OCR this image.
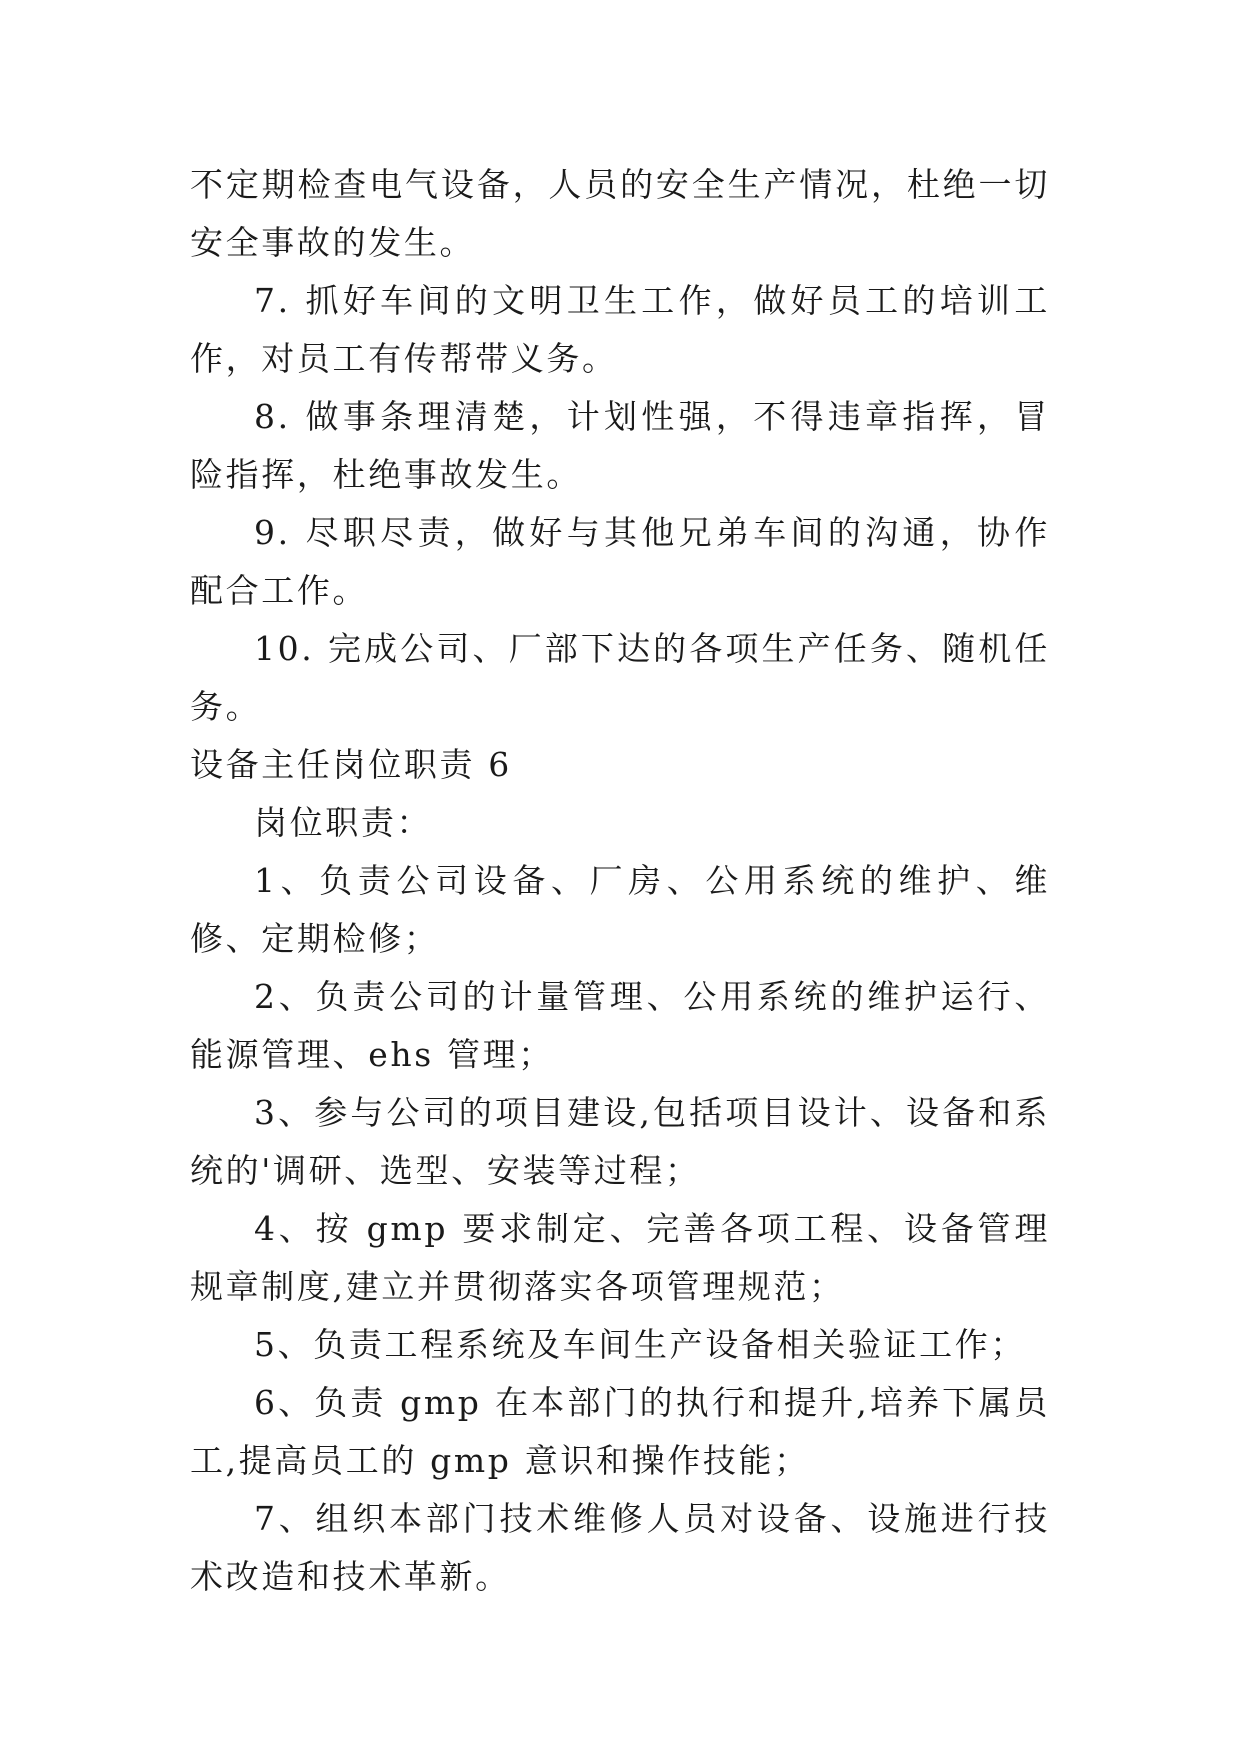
不定期检查电气设备，人员的安全生产情况，杜绝一切安全事故的发生。

7. 抓好车间的文明卫生工作，做好员工的培训工作，对员工有传帮带义务。

8. 做事条理清楚，计划性强，不得违章指挥，冒险指挥，杜绝事故发生。

9. 尽职尽责，做好与其他兄弟车间的沟通，协作配合工作。

10. 完成公司、厂部下达的各项生产任务、随机任务。

设备主任岗位职责 6

岗位职责：

1、负责公司设备、厂房、公用系统的维护、维修、定期检修；

2、负责公司的计量管理、公用系统的维护运行、能源管理、ehs 管理；

3、参与公司的项目建设,包括项目设计、设备和系统的'调研、选型、安装等过程；

4、按 gmp 要求制定、完善各项工程、设备管理规章制度,建立并贯彻落实各项管理规范；

5、负责工程系统及车间生产设备相关验证工作；

6、负责 gmp 在本部门的执行和提升,培养下属员工,提高员工的 gmp 意识和操作技能；

7、组织本部门技术维修人员对设备、设施进行技术改造和技术革新。
